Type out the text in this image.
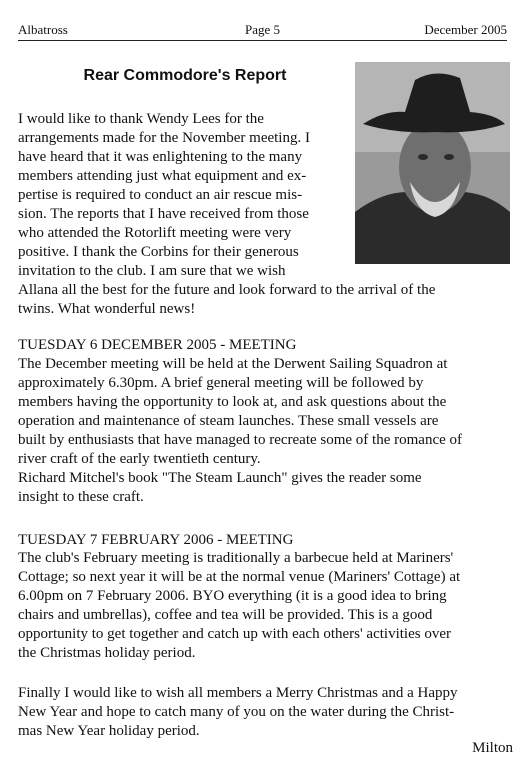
Albatross	Page 5	December 2005
Rear Commodore's Report
I would like to thank Wendy Lees for the
arrangements made for the November meeting. I
have heard that it was enlightening to the many
members attending just what equipment and ex-
pertise is required to conduct an air rescue mis-
sion. The reports that I have received from those
who attended the Rotorlift meeting were very
positive. I thank the Corbins for their generous
invitation to the club. I am sure that we wish
Allana all the best for the future and look forward to the arrival of the
twins. What wonderful news!
TUESDAY 6 DECEMBER 2005 - MEETING
The December meeting will be held at the Derwent Sailing Squadron at
approximately 6.30pm. A brief general meeting will be followed by
members having the opportunity to look at, and ask questions about the
operation and maintenance of steam launches. These small vessels are
built by enthusiasts that have managed to recreate some of the romance of
river craft of the early twentieth century.
Richard Mitchel's book "The Steam Launch" gives the reader some
insight to these craft.
TUESDAY 7 FEBRUARY 2006 - MEETING
The club's February meeting is traditionally a barbecue held at Mariners'
Cottage; so next year it will be at the normal venue (Mariners' Cottage) at
6.00pm on 7 February 2006. BYO everything (it is a good idea to bring
chairs and umbrellas), coffee and tea will be provided. This is a good
opportunity to get together and catch up with each others' activities over
the Christmas holiday period.
Finally I would like to wish all members a Merry Christmas and a Happy
New Year and hope to catch many of you on the water during the Christ-
mas New Year holiday period.
Milton
